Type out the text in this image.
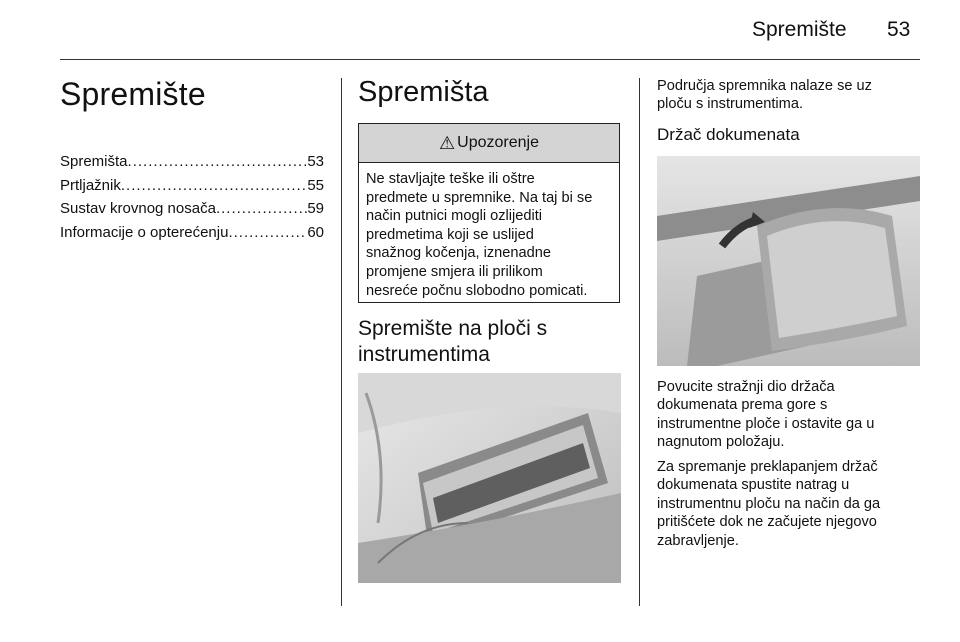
Spremište 53
Spremište
Spremišta .....	53
Prtljažnik .....	55
Sustav krovnog nosača .....	59
Informacije o opterećenju .....	60
Spremišta
⚠ Upozorenje
Ne stavljajte teške ili oštre
predmete u spremnike. Na taj bi se
način putnici mogli ozlijediti
predmetima koji se uslijed
snažnog kočenja, iznenadne
promjene smjera ili prilikom
nesreće počnu slobodno pomicati.
Spremište na ploči s
instrumentima
Područja spremnika nalaze se uz
ploču s instrumentima.
Držač dokumenata
Povucite stražnji dio držača
dokumenata prema gore s
instrumentne ploče i ostavite ga u
nagnutom položaju.
Za spremanje preklapanjem držač
dokumenata spustite natrag u
instrumentnu ploču na način da ga
pritišćete dok ne začujete njegovo
zabravljenje.
